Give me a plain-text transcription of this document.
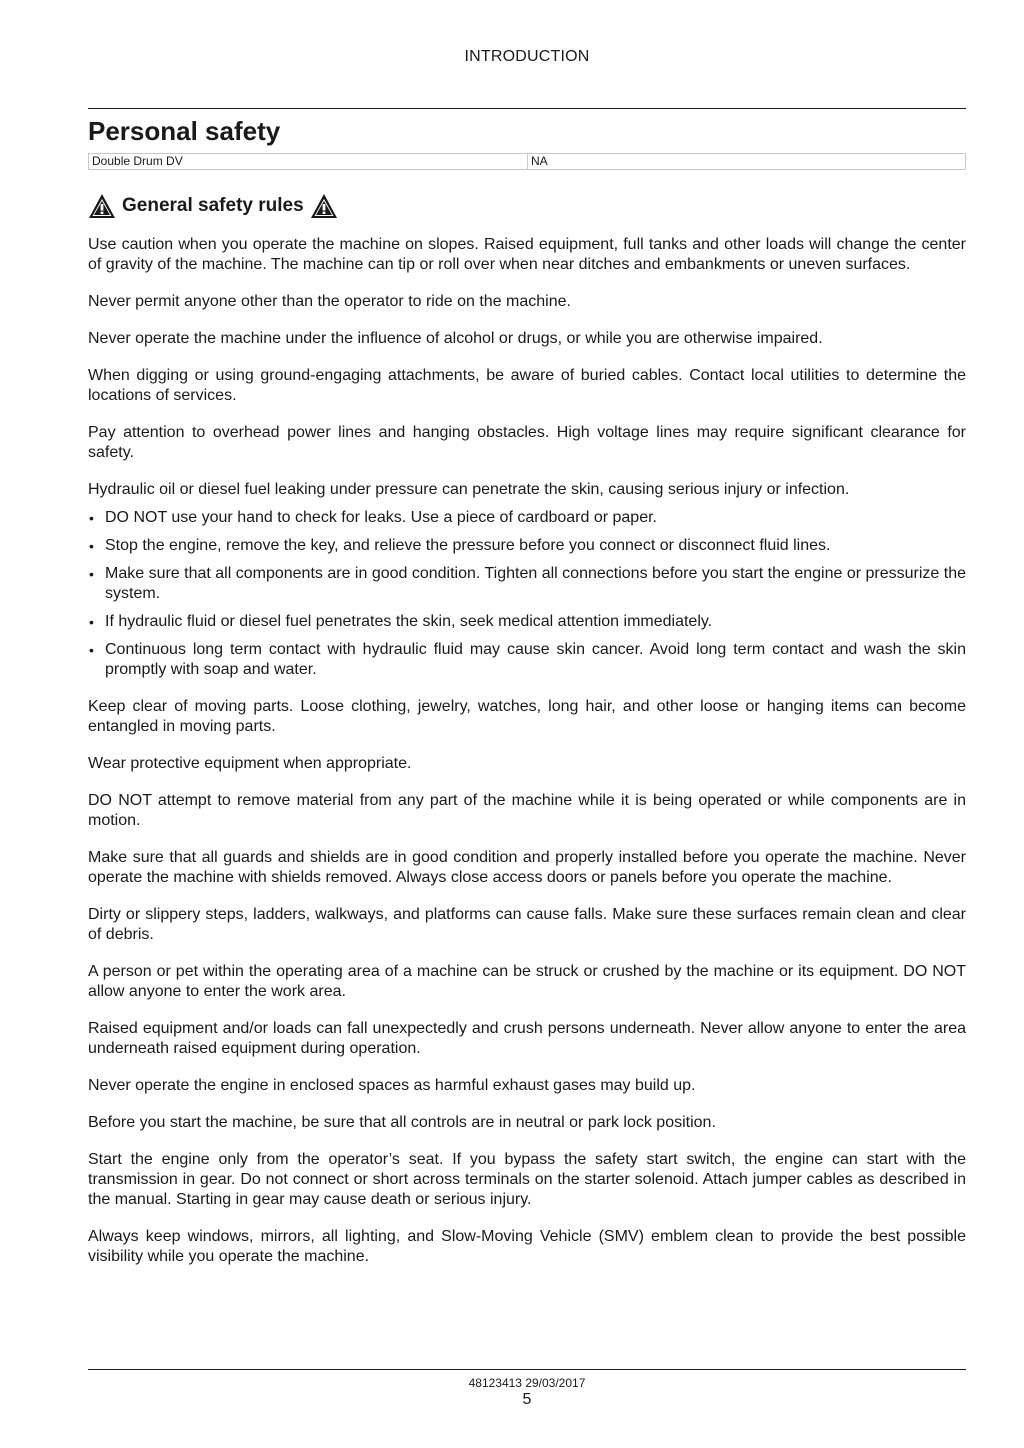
INTRODUCTION
Personal safety
Double Drum DV	NA
General safety rules

Use caution when you operate the machine on slopes. Raised equipment, full tanks and other loads will change the center of gravity of the machine. The machine can tip or roll over when near ditches and embankments or uneven surfaces.

Never permit anyone other than the operator to ride on the machine.

Never operate the machine under the influence of alcohol or drugs, or while you are otherwise impaired.

When digging or using ground-engaging attachments, be aware of buried cables. Contact local utilities to determine the locations of services.

Pay attention to overhead power lines and hanging obstacles. High voltage lines may require significant clearance for safety.

Hydraulic oil or diesel fuel leaking under pressure can penetrate the skin, causing serious injury or infection.

• DO NOT use your hand to check for leaks. Use a piece of cardboard or paper.
• Stop the engine, remove the key, and relieve the pressure before you connect or disconnect fluid lines.
• Make sure that all components are in good condition. Tighten all connections before you start the engine or pressurize the system.
• If hydraulic fluid or diesel fuel penetrates the skin, seek medical attention immediately.
• Continuous long term contact with hydraulic fluid may cause skin cancer. Avoid long term contact and wash the skin promptly with soap and water.

Keep clear of moving parts. Loose clothing, jewelry, watches, long hair, and other loose or hanging items can become entangled in moving parts.

Wear protective equipment when appropriate.

DO NOT attempt to remove material from any part of the machine while it is being operated or while components are in motion.

Make sure that all guards and shields are in good condition and properly installed before you operate the machine. Never operate the machine with shields removed. Always close access doors or panels before you operate the machine.

Dirty or slippery steps, ladders, walkways, and platforms can cause falls. Make sure these surfaces remain clean and clear of debris.

A person or pet within the operating area of a machine can be struck or crushed by the machine or its equipment. DO NOT allow anyone to enter the work area.

Raised equipment and/or loads can fall unexpectedly and crush persons underneath. Never allow anyone to enter the area underneath raised equipment during operation.

Never operate the engine in enclosed spaces as harmful exhaust gases may build up.

Before you start the machine, be sure that all controls are in neutral or park lock position.

Start the engine only from the operator’s seat. If you bypass the safety start switch, the engine can start with the transmission in gear. Do not connect or short across terminals on the starter solenoid. Attach jumper cables as described in the manual. Starting in gear may cause death or serious injury.

Always keep windows, mirrors, all lighting, and Slow-Moving Vehicle (SMV) emblem clean to provide the best possible visibility while you operate the machine.

48123413 29/03/2017
5
